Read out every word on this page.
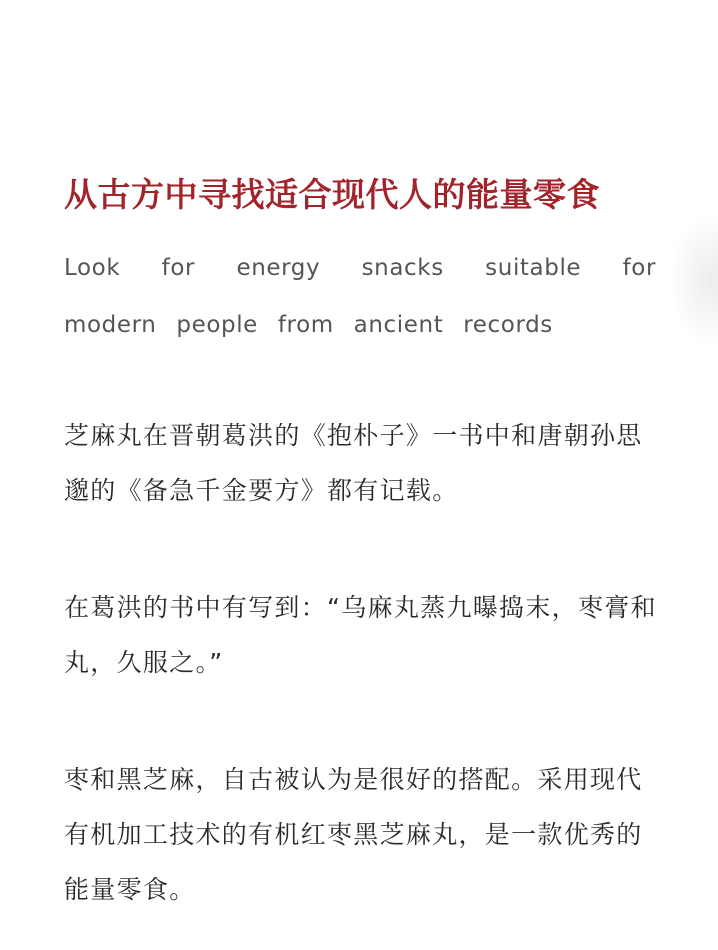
从古方中寻找适合现代人的能量零食

Look for energy snacks suitable for modern people from ancient records

芝麻丸在晋朝葛洪的《抱朴子》一书中和唐朝孙思邈的《备急千金要方》都有记载。

在葛洪的书中有写到：“乌麻丸蒸九曝捣末，枣膏和丸，久服之。”

枣和黑芝麻，自古被认为是很好的搭配。采用现代有机加工技术的有机红枣黑芝麻丸，是一款优秀的能量零食。
